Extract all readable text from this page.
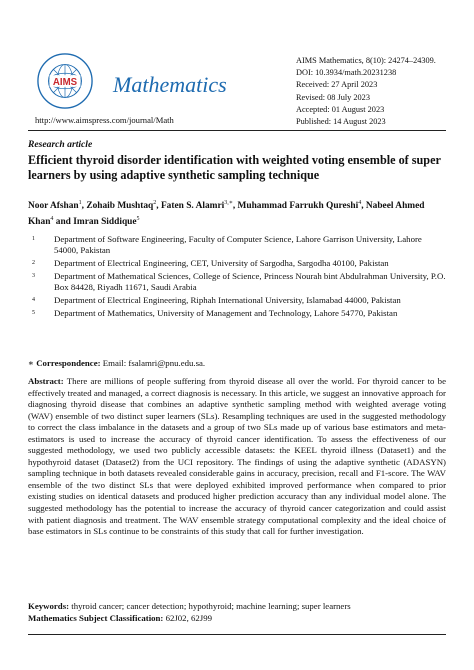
AIMS Mathematics
http://www.aimspress.com/journal/Math
AIMS Mathematics, 8(10): 24274–24309.
DOI: 10.3934/math.20231238
Received: 27 April 2023
Revised: 08 July 2023
Accepted: 01 August 2023
Published: 14 August 2023
Research article
Efficient thyroid disorder identification with weighted voting ensemble of super learners by using adaptive synthetic sampling technique
Noor Afshan$^1$, Zohaib Mushtaq$^2$, Faten S. Alamri$^{3,∗}$, Muhammad Farrukh Qureshi$^4$, Nabeel Ahmed Khan$^4$ and Imran Siddique$^5$
1	Department of Software Engineering, Faculty of Computer Science, Lahore Garrison University, Lahore 54000, Pakistan
2	Department of Electrical Engineering, CET, University of Sargodha, Sargodha 40100, Pakistan
3	Department of Mathematical Sciences, College of Science, Princess Nourah bint Abdulrahman University, P.O. Box 84428, Riyadh 11671, Saudi Arabia
4	Department of Electrical Engineering, Riphah International University, Islamabad 44000, Pakistan
5	Department of Mathematics, University of Management and Technology, Lahore 54770, Pakistan
∗ Correspondence: Email: fsalamri@pnu.edu.sa.
Abstract: There are millions of people suffering from thyroid disease all over the world. For thyroid cancer to be effectively treated and managed, a correct diagnosis is necessary. In this article, we suggest an innovative approach for diagnosing thyroid disease that combines an adaptive synthetic sampling method with weighted average voting (WAV) ensemble of two distinct super learners (SLs). Resampling techniques are used in the suggested methodology to correct the class imbalance in the datasets and a group of two SLs made up of various base estimators and meta-estimators is used to increase the accuracy of thyroid cancer identification. To assess the effectiveness of our suggested methodology, we used two publicly accessible datasets: the KEEL thyroid illness (Dataset1) and the hypothyroid dataset (Dataset2) from the UCI repository. The findings of using the adaptive synthetic (ADASYN) sampling technique in both datasets revealed considerable gains in accuracy, precision, recall and F1-score. The WAV ensemble of the two distinct SLs that were deployed exhibited improved performance when compared to prior existing studies on identical datasets and produced higher prediction accuracy than any individual model alone. The suggested methodology has the potential to increase the accuracy of thyroid cancer categorization and could assist with patient diagnosis and treatment. The WAV ensemble strategy computational complexity and the ideal choice of base estimators in SLs continue to be constraints of this study that call for further investigation.
Keywords: thyroid cancer; cancer detection; hypothyroid; machine learning; super learners
Mathematics Subject Classification: 62J02, 62J99
